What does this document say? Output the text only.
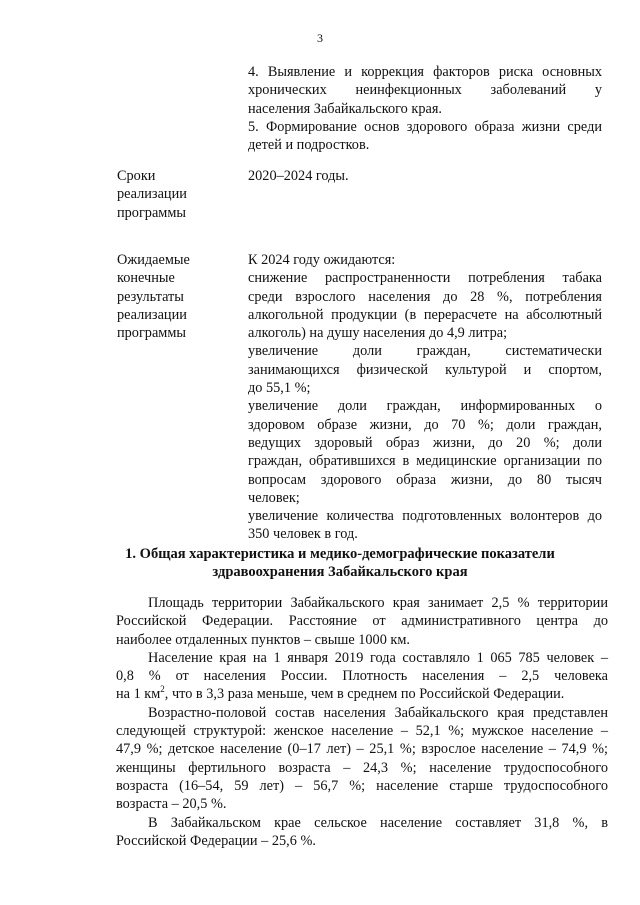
3
4. Выявление и коррекция факторов риска основных
хронических неинфекционных заболеваний у
населения Забайкальского края.
5. Формирование основ здорового образа жизни среди
детей и подростков.
Сроки
реализации
программы
2020–2024 годы.
Ожидаемые
конечные
результаты
реализации
программы
К 2024 году ожидаются:
снижение распространенности потребления табака
среди взрослого населения до 28 %, потребления
алкогольной продукции (в перерасчете на абсолютный
алкоголь) на душу населения до 4,9 литра;
увеличение доли граждан, систематически
занимающихся физической культурой и спортом,
до 55,1 %;
увеличение доли граждан, информированных о
здоровом образе жизни, до 70 %; доли граждан,
ведущих здоровый образ жизни, до 20 %; доли
граждан, обратившихся в медицинские организации по
вопросам здорового образа жизни, до 80 тысяч
человек;
увеличение количества подготовленных волонтеров до
350 человек в год.
1. Общая характеристика и медико-демографические показатели
здравоохранения Забайкальского края
Площадь территории Забайкальского края занимает 2,5 % территории
Российской Федерации. Расстояние от административного центра до
наиболее отдаленных пунктов – свыше 1000 км.
Население края на 1 января 2019 года составляло 1 065 785 человек –
0,8 % от населения России. Плотность населения – 2,5 человека
на 1 $км^2$, что в 3,3 раза меньше, чем в среднем по Российской Федерации.
Возрастно-половой состав населения Забайкальского края представлен
следующей структурой: женское население – 52,1 %; мужское население –
47,9 %; детское население (0–17 лет) – 25,1 %; взрослое население – 74,9 %;
женщины фертильного возраста – 24,3 %; население трудоспособного
возраста (16–54, 59 лет) – 56,7 %; население старше трудоспособного
возраста – 20,5 %.
В Забайкальском крае сельское население составляет 31,8 %, в
Российской Федерации – 25,6 %.
